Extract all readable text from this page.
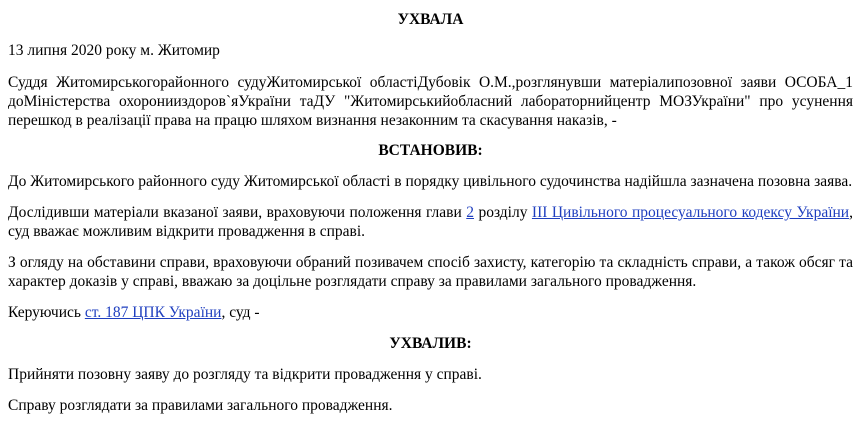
УХВАЛА

13 липня 2020 року м. Житомир

Суддя Житомирськогорайонного судуЖитомирської областіДубовік О.М.,розглянувши матеріалипозовної заяви ОСОБА_1 доМіністерства охоронииздоров`яУкраїни таДУ "Житомирськийобласний лабораторнийцентр МОЗУкраїни" про усунення перешкод в реалізації права на працю шляхом визнання незаконним та скасування наказів, -

ВСТАНОВИВ:

До Житомирського районного суду Житомирської області в порядку цивільного судочинства надійшла зазначена позовна заява.

Дослідивши матеріали вказаної заяви, враховуючи положення глави 2 розділу ІІІ Цивільного процесуального кодексу України, суд вважає можливим відкрити провадження в справі.

З огляду на обставини справи, враховуючи обраний позивачем спосіб захисту, категорію та складність справи, а також обсяг та характер доказів у справі, вважаю за доцільне розглядати справу за правилами загального провадження.

Керуючись ст. 187 ЦПК України, суд -

УХВАЛИВ:

Прийняти позовну заяву до розгляду та відкрити провадження у справі.

Справу розглядати за правилами загального провадження.
